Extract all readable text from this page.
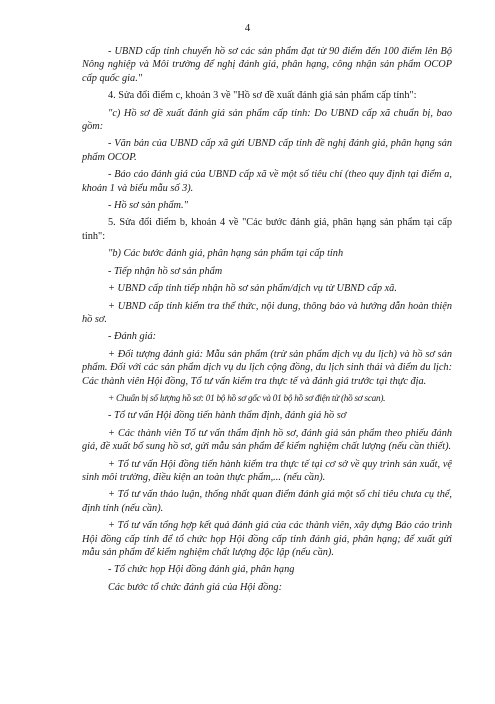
4

- UBND cấp tỉnh chuyển hồ sơ các sản phẩm đạt từ 90 điểm đến 100 điểm lên Bộ Nông nghiệp và Môi trường để nghị đánh giá, phân hạng, công nhận sản phẩm OCOP cấp quốc gia."

4. Sửa đổi điểm c, khoản 3 về "Hồ sơ đề xuất đánh giá sản phẩm cấp tỉnh":

"c) Hồ sơ đề xuất đánh giá sản phẩm cấp tỉnh: Do UBND cấp xã chuẩn bị, bao gồm:

- Văn bản của UBND cấp xã gửi UBND cấp tỉnh đề nghị đánh giá, phân hạng sản phẩm OCOP.

- Báo cáo đánh giá của UBND cấp xã về một số tiêu chí (theo quy định tại điểm a, khoản 1 và biểu mẫu số 3).

- Hồ sơ sản phẩm."

5. Sửa đổi điểm b, khoản 4 về "Các bước đánh giá, phân hạng sản phẩm tại cấp tỉnh":

"b) Các bước đánh giá, phân hạng sản phẩm tại cấp tỉnh

- Tiếp nhận hồ sơ sản phẩm

+ UBND cấp tỉnh tiếp nhận hồ sơ sản phẩm/dịch vụ từ UBND cấp xã.

+ UBND cấp tỉnh kiểm tra thể thức, nội dung, thông báo và hướng dẫn hoàn thiện hồ sơ.

- Đánh giá:

+ Đối tượng đánh giá: Mẫu sản phẩm (trừ sản phẩm dịch vụ du lịch) và hồ sơ sản phẩm. Đối với các sản phẩm dịch vụ du lịch cộng đồng, du lịch sinh thái và điểm du lịch: Các thành viên Hội đồng, Tổ tư vấn kiểm tra thực tế và đánh giá trước tại thực địa.

+ Chuẩn bị số lượng hồ sơ: 01 bộ hồ sơ gốc và 01 bộ hồ sơ điện tử (hồ sơ scan).

- Tổ tư vấn Hội đồng tiến hành thẩm định, đánh giá hồ sơ

+ Các thành viên Tổ tư vấn thẩm định hồ sơ, đánh giá sản phẩm theo phiếu đánh giá, đề xuất bổ sung hồ sơ, gửi mẫu sản phẩm để kiểm nghiệm chất lượng (nếu cần thiết).

+ Tổ tư vấn Hội đồng tiến hành kiểm tra thực tế tại cơ sở về quy trình sản xuất, vệ sinh môi trường, điều kiện an toàn thực phẩm,... (nếu cần).

+ Tổ tư vấn thảo luận, thống nhất quan điểm đánh giá một số chỉ tiêu chưa cụ thể, định tính (nếu cần).

+ Tổ tư vấn tổng hợp kết quả đánh giá của các thành viên, xây dựng Báo cáo trình Hội đồng cấp tỉnh để tổ chức họp Hội đồng cấp tỉnh đánh giá, phân hạng; để xuất gửi mẫu sản phẩm để kiểm nghiệm chất lượng độc lập (nếu cần).

- Tổ chức họp Hội đồng đánh giá, phân hạng

Các bước tổ chức đánh giá của Hội đồng:
